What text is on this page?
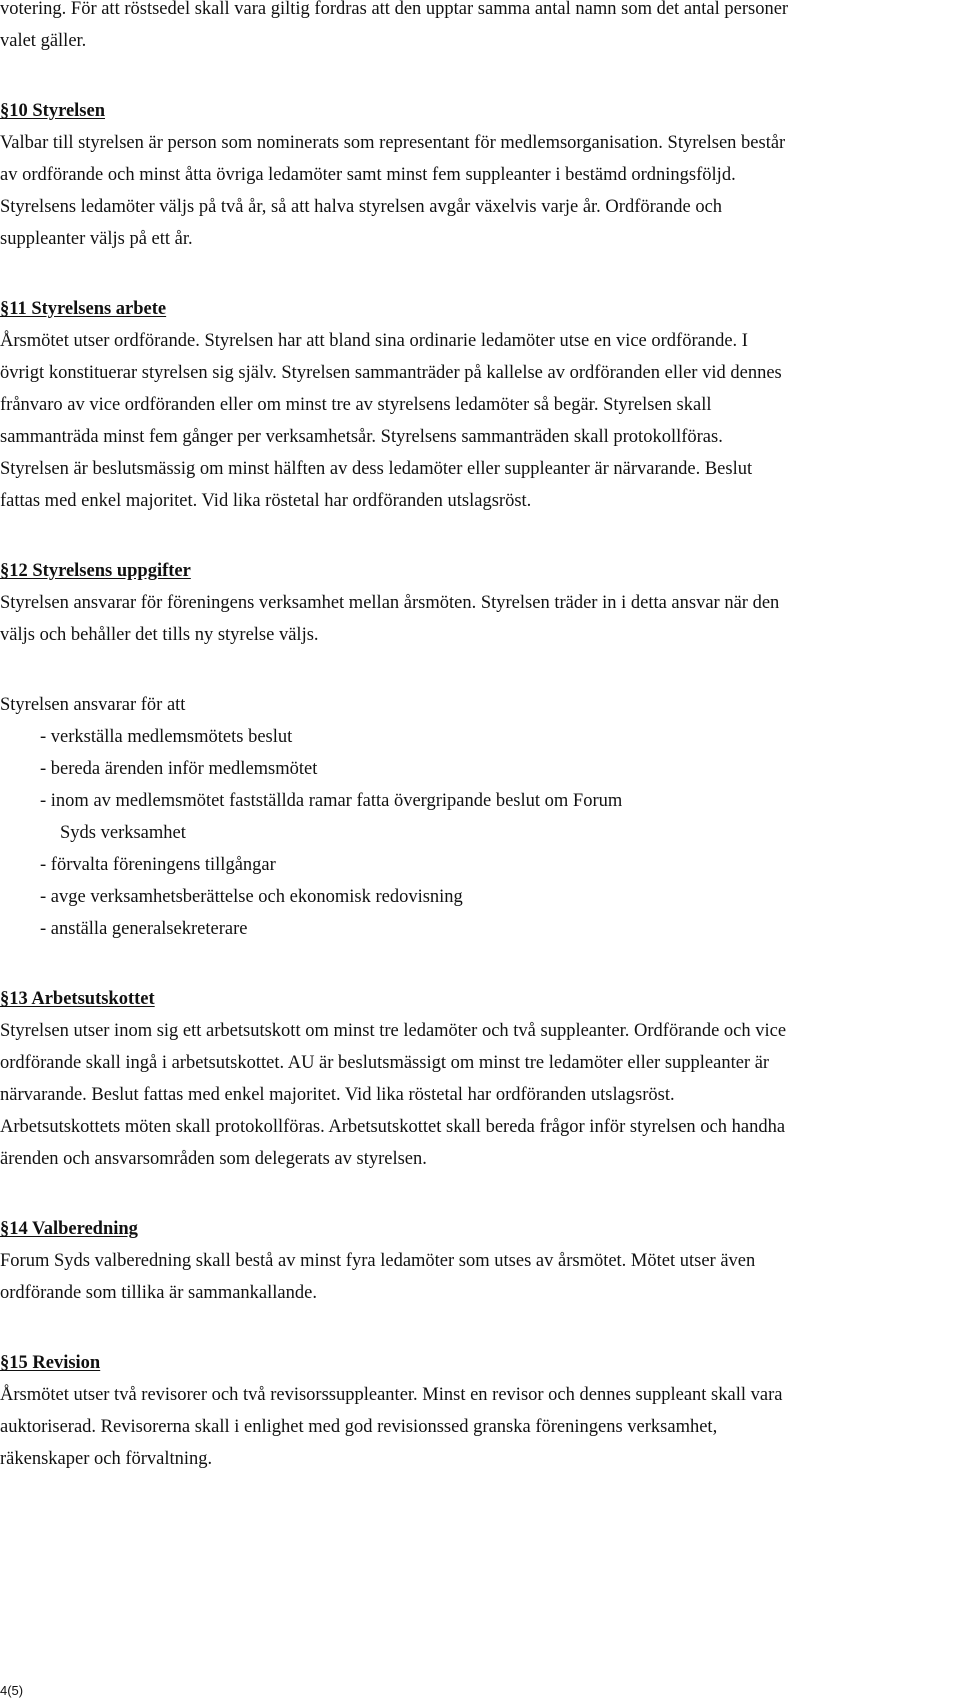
votering. För att röstsedel skall vara giltig fordras att den upptar samma antal namn som det antal personer
valet gäller.
§10 Styrelsen
Valbar till styrelsen är person som nominerats som representant för medlemsorganisation. Styrelsen består
av ordförande och minst åtta övriga ledamöter samt minst fem suppleanter i bestämd ordningsföljd.
Styrelsens ledamöter väljs på två år, så att halva styrelsen avgår växelvis varje år. Ordförande och
suppleanter väljs på ett år.
§11 Styrelsens arbete
Årsmötet utser ordförande. Styrelsen har att bland sina ordinarie ledamöter utse en vice ordförande. I
övrigt konstituerar styrelsen sig själv. Styrelsen sammanträder på kallelse av ordföranden eller vid dennes
frånvaro av vice ordföranden eller om minst tre av styrelsens ledamöter så begär. Styrelsen skall
sammanträda minst fem gånger per verksamhetsår. Styrelsens sammanträden skall protokollföras.
Styrelsen är beslutsmässig om minst hälften av dess ledamöter eller suppleanter är närvarande. Beslut
fattas med enkel majoritet. Vid lika röstetal har ordföranden utslagsröst.
§12 Styrelsens uppgifter
Styrelsen ansvarar för föreningens verksamhet mellan årsmöten. Styrelsen träder in i detta ansvar när den
väljs och behåller det tills ny styrelse väljs.
Styrelsen ansvarar för att
- verkställa medlemsmötets beslut
- bereda ärenden inför medlemsmötet
- inom av medlemsmötet fastställda ramar fatta övergripande beslut om Forum
Syds verksamhet
- förvalta föreningens tillgångar
- avge verksamhetsberättelse och ekonomisk redovisning
- anställa generalsekreterare
§13 Arbetsutskottet
Styrelsen utser inom sig ett arbetsutskott om minst tre ledamöter och två suppleanter. Ordförande och vice
ordförande skall ingå i arbetsutskottet. AU är beslutsmässigt om minst tre ledamöter eller suppleanter är
närvarande. Beslut fattas med enkel majoritet. Vid lika röstetal har ordföranden utslagsröst.
Arbetsutskottets möten skall protokollföras. Arbetsutskottet skall bereda frågor inför styrelsen och handha
ärenden och ansvarsområden som delegerats av styrelsen.
§14 Valberedning
Forum Syds valberedning skall bestå av minst fyra ledamöter som utses av årsmötet. Mötet utser även
ordförande som tillika är sammankallande.
§15 Revision
Årsmötet utser två revisorer och två revisorssuppleanter. Minst en revisor och dennes suppleant skall vara
auktoriserad. Revisorerna skall i enlighet med god revisionssed granska föreningens verksamhet,
räkenskaper och förvaltning.
4(5)
